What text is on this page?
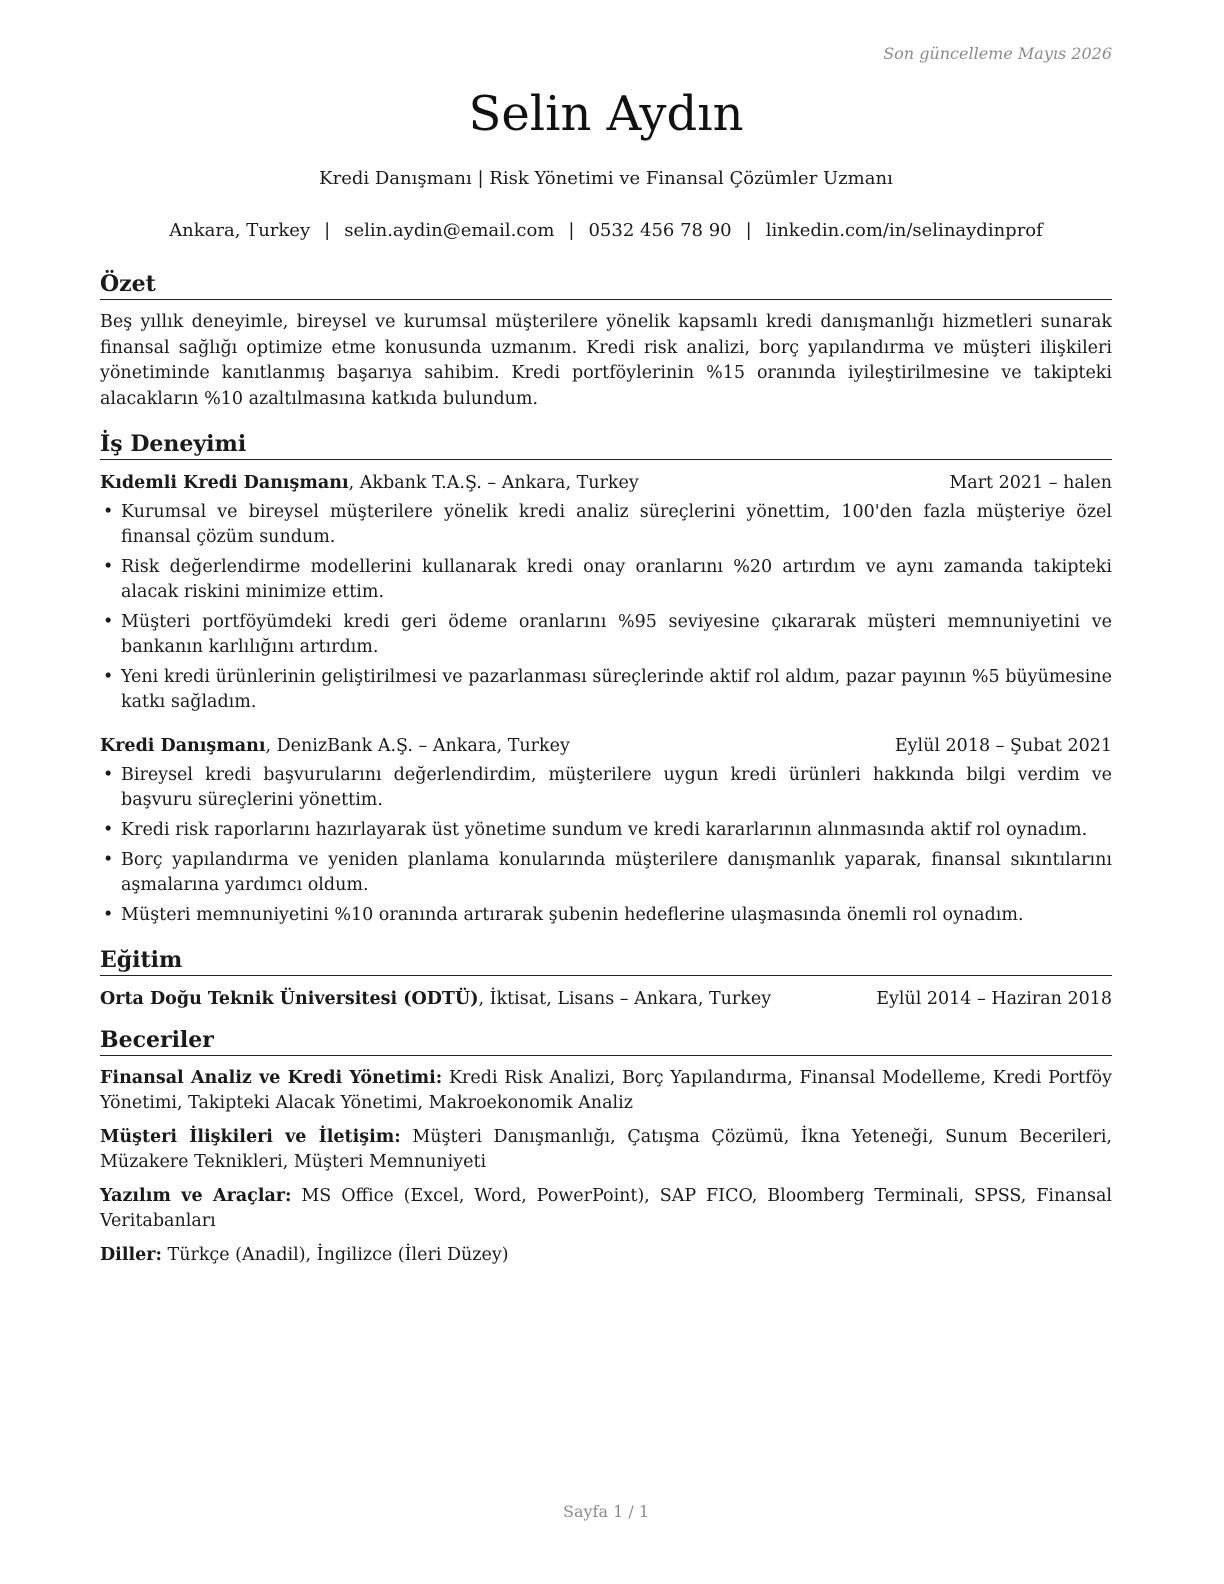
Son güncelleme Mayıs 2026
Selin Aydın
Kredi Danışmanı | Risk Yönetimi ve Finansal Çözümler Uzmanı
Ankara, Turkey | selin.aydin@email.com | 0532 456 78 90 | linkedin.com/in/selinaydinprof
Özet

Beş yıllık deneyimle, bireysel ve kurumsal müşterilere yönelik kapsamlı kredi danışmanlığı hizmetleri sunarak finansal sağlığı optimize etme konusunda uzmanım. Kredi risk analizi, borç yapılandırma ve müşteri ilişkileri yönetiminde kanıtlanmış başarıya sahibim. Kredi portföylerinin %15 oranında iyileştirilmesine ve takipteki alacakların %10 azaltılmasına katkıda bulundum.

İş Deneyimi
Kıdemli Kredi Danışmanı, Akbank T.A.Ş. – Ankara, Turkey	Mart 2021 – halen
• Kurumsal ve bireysel müşterilere yönelik kredi analiz süreçlerini yönettim, 100'den fazla müşteriye özel finansal çözüm sundum.
• Risk değerlendirme modellerini kullanarak kredi onay oranlarını %20 artırdım ve aynı zamanda takipteki alacak riskini minimize ettim.
• Müşteri portföyümdeki kredi geri ödeme oranlarını %95 seviyesine çıkararak müşteri memnuniyetini ve bankanın karlılığını artırdım.
• Yeni kredi ürünlerinin geliştirilmesi ve pazarlanması süreçlerinde aktif rol aldım, pazar payının %5 büyümesine katkı sağladım.
Kredi Danışmanı, DenizBank A.Ş. – Ankara, Turkey	Eylül 2018 – Şubat 2021
• Bireysel kredi başvurularını değerlendirdim, müşterilere uygun kredi ürünleri hakkında bilgi verdim ve başvuru süreçlerini yönettim.
• Kredi risk raporlarını hazırlayarak üst yönetime sundum ve kredi kararlarının alınmasında aktif rol oynadım.
• Borç yapılandırma ve yeniden planlama konularında müşterilere danışmanlık yaparak, finansal sıkıntılarını aşmalarına yardımcı oldum.
• Müşteri memnuniyetini %10 oranında artırarak şubenin hedeflerine ulaşmasında önemli rol oynadım.
Eğitim
Orta Doğu Teknik Üniversitesi (ODTÜ), İktisat, Lisans – Ankara, Turkey	Eylül 2014 – Haziran 2018
Beceriler

Finansal Analiz ve Kredi Yönetimi: Kredi Risk Analizi, Borç Yapılandırma, Finansal Modelleme, Kredi Portföy Yönetimi, Takipteki Alacak Yönetimi, Makroekonomik Analiz

Müşteri İlişkileri ve İletişim: Müşteri Danışmanlığı, Çatışma Çözümü, İkna Yeteneği, Sunum Becerileri, Müzakere Teknikleri, Müşteri Memnuniyeti

Yazılım ve Araçlar: MS Office (Excel, Word, PowerPoint), SAP FICO, Bloomberg Terminali, SPSS, Finansal Veritabanları

Diller: Türkçe (Anadil), İngilizce (İleri Düzey)

Sayfa 1 / 1
